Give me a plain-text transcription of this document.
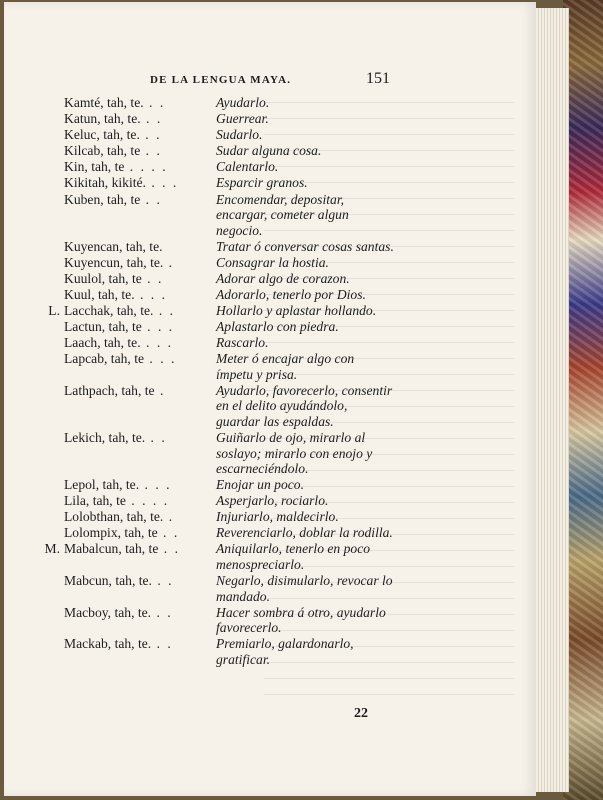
DE LA LENGUA MAYA.	151
Kamté, tah, te. . .	Ayudarlo.
Katun, tah, te. . .	Guerrear.
Keluc, tah, te. . .	Sudarlo.
Kilcab, tah, te . .	Sudar alguna cosa.
Kin, tah, te . . . .	Calentarlo.
Kikitah, kikité. . . .	Esparcir granos.
Kuben, tah, te . .	Encomendar, depositar, encargar, cometer algun negocio.
Kuyencan, tah, te.	Tratar ó conversar cosas santas.
Kuyencun, tah, te. .	Consagrar la hostia.
Kuulol, tah, te . .	Adorar algo de corazon.
Kuul, tah, te. . . .	Adorarlo, tenerlo por Dios.
L. Lacchak, tah, te. . .	Hollarlo y aplastar hollando.
Lactun, tah, te . . .	Aplastarlo con piedra.
Laach, tah, te. . . .	Rascarlo.
Lapcab, tah, te . . .	Meter ó encajar algo con ímpetu y prisa.
Lathpach, tah, te .	Ayudarlo, favorecerlo, consentir en el delito ayudándolo, guardar las espaldas.
Lekich, tah, te. . .	Guiñarlo de ojo, mirarlo al soslayo; mirarlo con enojo y escarneciéndolo.
Lepol, tah, te. . . .	Enojar un poco.
Lila, tah, te . . . .	Asperjarlo, rociarlo.
Lolobthan, tah, te. .	Injuriarlo, maldecirlo.
Lolompix, tah, te . .	Reverenciarlo, doblar la rodilla.
M. Mabalcun, tah, te . .	Aniquilarlo, tenerlo en poco menospreciarlo.
Mabcun, tah, te. . .	Negarlo, disimularlo, revocar lo mandado.
Macboy, tah, te. . .	Hacer sombra á otro, ayudarlo favorecerlo.
Mackab, tah, te. . .	Premiarlo, galardonarlo, gratificar.
22
